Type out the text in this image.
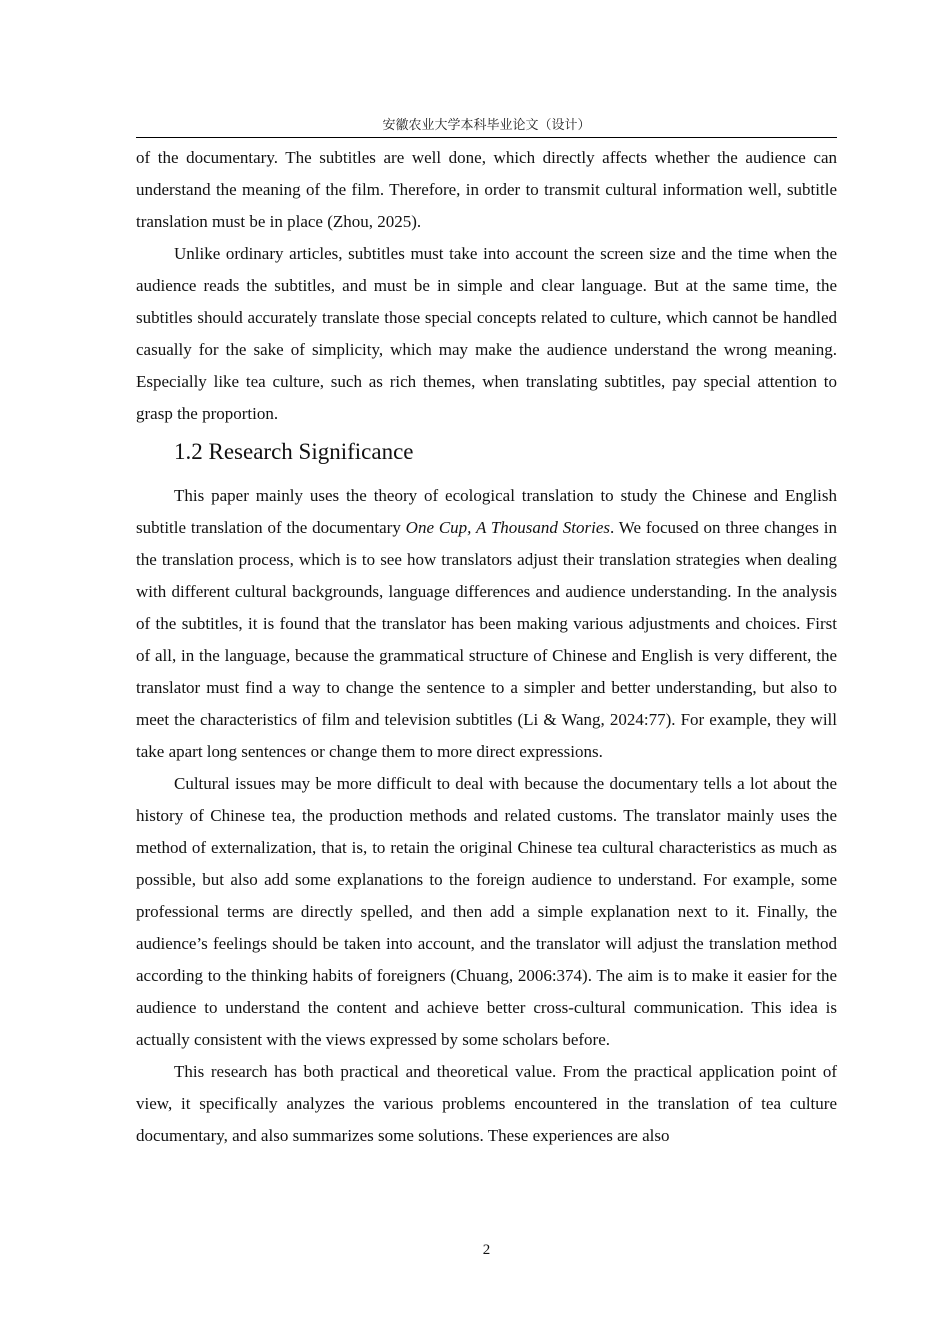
安徽农业大学本科毕业论文（设计）

of the documentary. The subtitles are well done, which directly affects whether the audience can understand the meaning of the film. Therefore, in order to transmit cultural information well, subtitle translation must be in place (Zhou, 2025).

Unlike ordinary articles, subtitles must take into account the screen size and the time when the audience reads the subtitles, and must be in simple and clear language. But at the same time, the subtitles should accurately translate those special concepts related to culture, which cannot be handled casually for the sake of simplicity, which may make the audience understand the wrong meaning. Especially like tea culture, such as rich themes, when translating subtitles, pay special attention to grasp the proportion.

1.2 Research Significance

This paper mainly uses the theory of ecological translation to study the Chinese and English subtitle translation of the documentary One Cup, A Thousand Stories. We focused on three changes in the translation process, which is to see how translators adjust their translation strategies when dealing with different cultural backgrounds, language differences and audience understanding. In the analysis of the subtitles, it is found that the translator has been making various adjustments and choices. First of all, in the language, because the grammatical structure of Chinese and English is very different, the translator must find a way to change the sentence to a simpler and better understanding, but also to meet the characteristics of film and television subtitles (Li & Wang, 2024:77). For example, they will take apart long sentences or change them to more direct expressions.

Cultural issues may be more difficult to deal with because the documentary tells a lot about the history of Chinese tea, the production methods and related customs. The translator mainly uses the method of externalization, that is, to retain the original Chinese tea cultural characteristics as much as possible, but also add some explanations to the foreign audience to understand. For example, some professional terms are directly spelled, and then add a simple explanation next to it. Finally, the audience’s feelings should be taken into account, and the translator will adjust the translation method according to the thinking habits of foreigners (Chuang, 2006:374). The aim is to make it easier for the audience to understand the content and achieve better cross-cultural communication. This idea is actually consistent with the views expressed by some scholars before.

This research has both practical and theoretical value. From the practical application point of view, it specifically analyzes the various problems encountered in the translation of tea culture documentary, and also summarizes some solutions. These experiences are also

2
